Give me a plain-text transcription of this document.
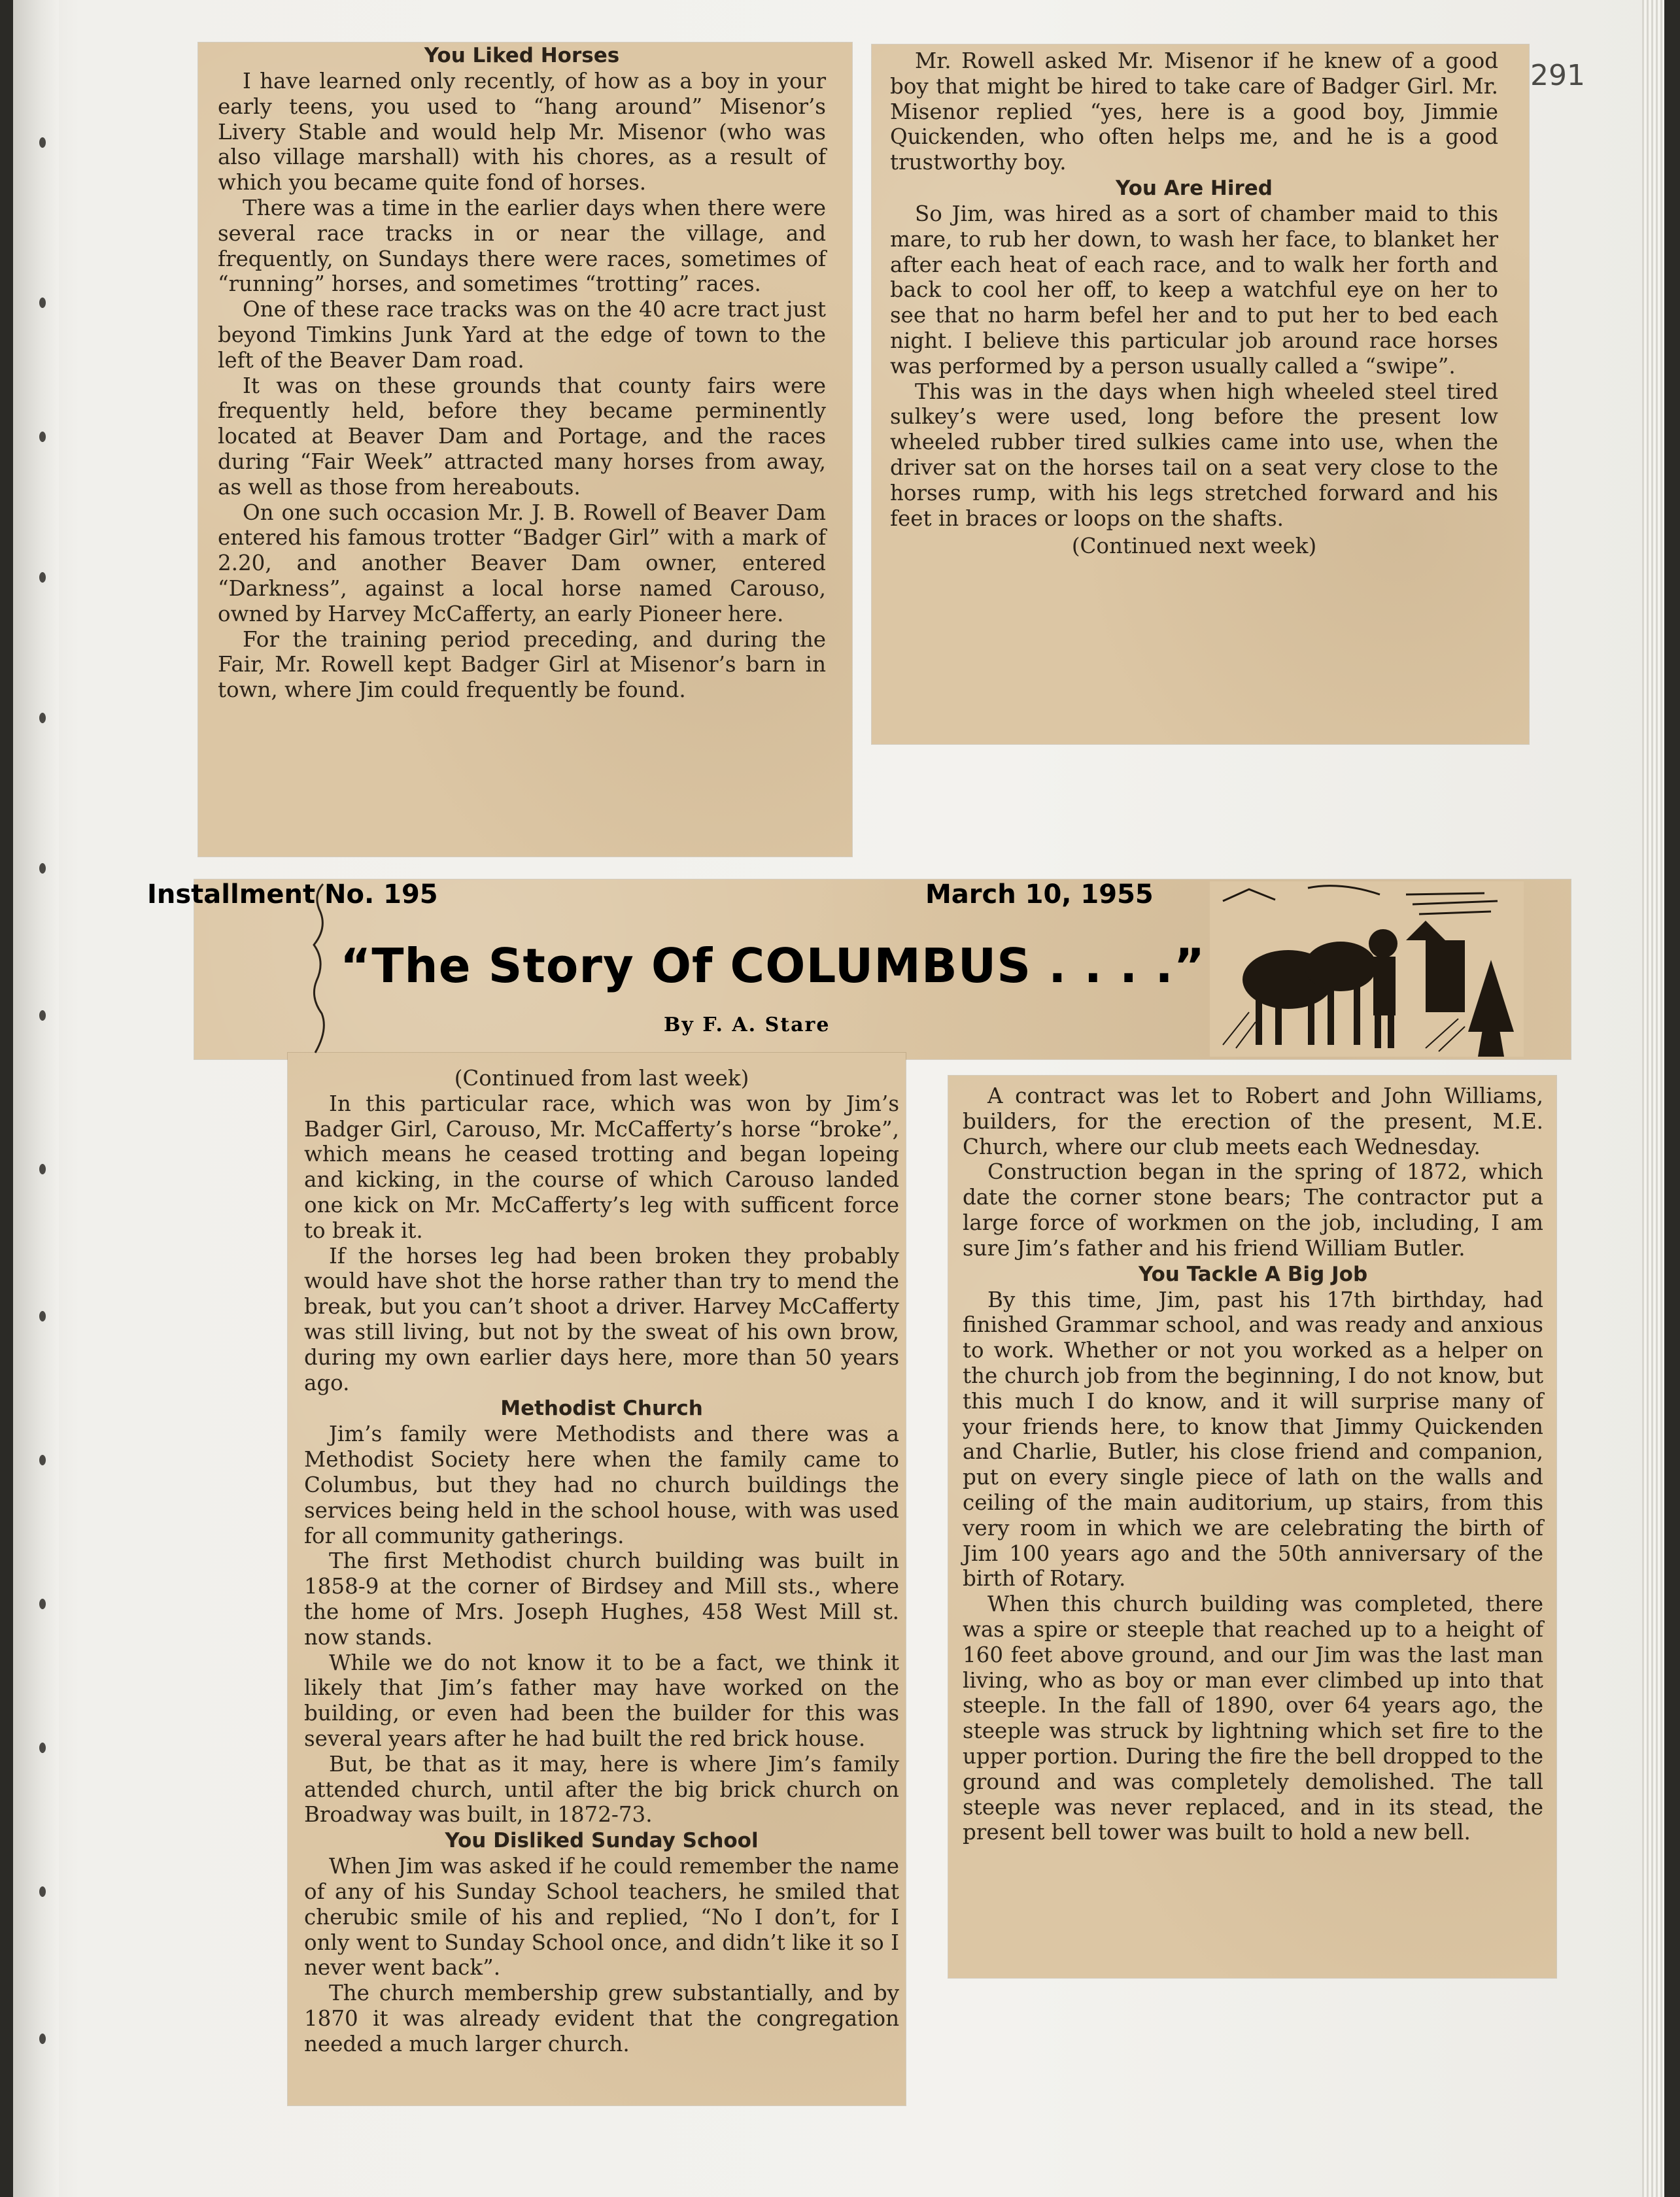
291
You Liked Horses

I have learned only recently, of how as a boy in your early teens, you used to “hang around” Misenor’s Livery Stable and would help Mr. Misenor (who was also village marshall) with his chores, as a result of which you became quite fond of horses.

There was a time in the earlier days when there were several race tracks in or near the village, and frequently, on Sundays there were races, sometimes of “running” horses, and sometimes “trotting” races.

One of these race tracks was on the 40 acre tract just beyond Timkins Junk Yard at the edge of town to the left of the Beaver Dam road.

It was on these grounds that county fairs were frequently held, before they became perminently located at Beaver Dam and Portage, and the races during “Fair Week” attracted many horses from away, as well as those from hereabouts.

On one such occasion Mr. J. B. Rowell of Beaver Dam entered his famous trotter “Badger Girl” with a mark of 2.20, and another Beaver Dam owner, entered “Darkness”, against a local horse named Carouso, owned by Harvey McCafferty, an early Pioneer here.

For the training period preceding, and during the Fair, Mr. Rowell kept Badger Girl at Misenor’s barn in town, where Jim could frequently be found.

Mr. Rowell asked Mr. Misenor if he knew of a good boy that might be hired to take care of Badger Girl. Mr. Misenor replied “yes, here is a good boy, Jimmie Quickenden, who often helps me, and he is a good trustworthy boy.

You Are Hired

So Jim, was hired as a sort of chamber maid to this mare, to rub her down, to wash her face, to blanket her after each heat of each race, and to walk her forth and back to cool her off, to keep a watchful eye on her to see that no harm befel her and to put her to bed each night. I believe this particular job around race horses was performed by a person usually called a “swipe”.

This was in the days when high wheeled steel tired sulkey’s were used, long before the present low wheeled rubber tired sulkies came into use, when the driver sat on the horses tail on a seat very close to the horses rump, with his legs stretched forward and his feet in braces or loops on the shafts.

(Continued next week)

(Continued from last week)

In this particular race, which was won by Jim’s Badger Girl, Carouso, Mr. McCafferty’s horse “broke”, which means he ceased trotting and began lopeing and kicking, in the course of which Carouso landed one kick on Mr. McCafferty’s leg with sufficent force to break it.

If the horses leg had been broken they probably would have shot the horse rather than try to mend the break, but you can’t shoot a driver. Harvey McCafferty was still living, but not by the sweat of his own brow, during my own earlier days here, more than 50 years ago.

Methodist Church

Jim’s family were Methodists and there was a Methodist Society here when the family came to Columbus, but they had no church buildings the services being held in the school house, with was used for all community gatherings.

The first Methodist church building was built in 1858-9 at the corner of Birdsey and Mill sts., where the home of Mrs. Joseph Hughes, 458 West Mill st. now stands.

While we do not know it to be a fact, we think it likely that Jim’s father may have worked on the building, or even had been the builder for this was several years after he had built the red brick house.

But, be that as it may, here is where Jim’s family attended church, until after the big brick church on Broadway was built, in 1872-73.

You Disliked Sunday School

When Jim was asked if he could remember the name of any of his Sunday School teachers, he smiled that cherubic smile of his and replied, “No I don’t, for I only went to Sunday School once, and didn’t like it so I never went back”.

The church membership grew substantially, and by 1870 it was already evident that the congregation needed a much larger church.

Installment No. 195	March 10, 1955
“The Story Of COLUMBUS . . . .”
By F. A. Stare

A contract was let to Robert and John Williams, builders, for the erection of the present, M.E. Church, where our club meets each Wednesday.

Construction began in the spring of 1872, which date the corner stone bears; The contractor put a large force of workmen on the job, including, I am sure Jim’s father and his friend William Butler.

You Tackle A Big Job

By this time, Jim, past his 17th birthday, had finished Grammar school, and was ready and anxious to work. Whether or not you worked as a helper on the church job from the beginning, I do not know, but this much I do know, and it will surprise many of your friends here, to know that Jimmy Quickenden and Charlie, Butler, his close friend and companion, put on every single piece of lath on the walls and ceiling of the main auditorium, up stairs, from this very room in which we are celebrating the birth of Jim 100 years ago and the 50th anniversary of the birth of Rotary.

When this church building was completed, there was a spire or steeple that reached up to a height of 160 feet above ground, and our Jim was the last man living, who as boy or man ever climbed up into that steeple. In the fall of 1890, over 64 years ago, the steeple was struck by lightning which set fire to the upper portion. During the fire the bell dropped to the ground and was completely demolished. The tall steeple was never replaced, and in its stead, the present bell tower was built to hold a new bell.
